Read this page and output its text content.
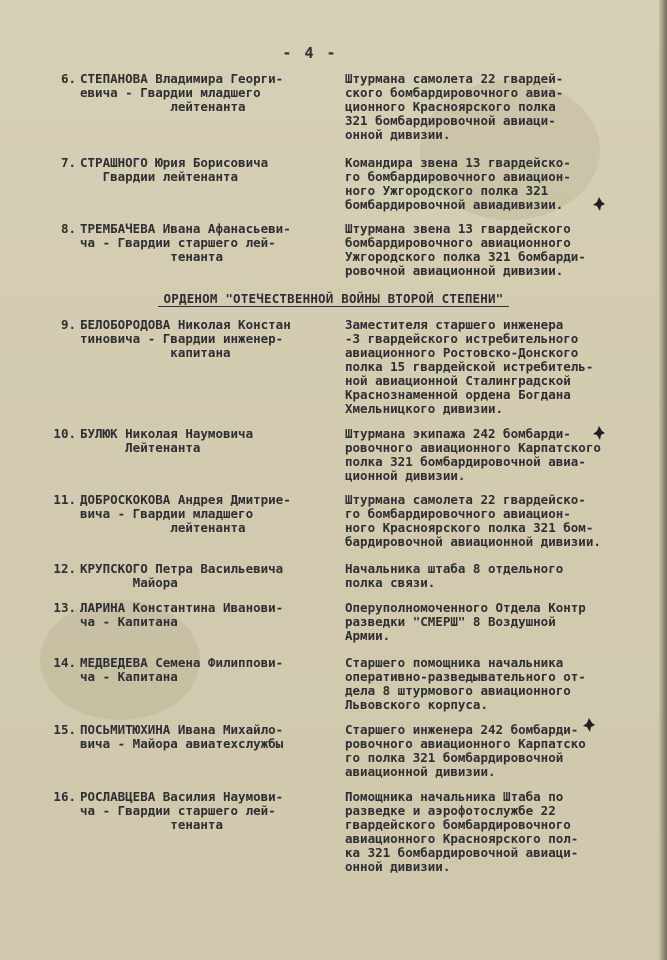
- 4 -
6. СТЕПАНОВА Владимира Георги-
евича - Гвардии младшего
лейтенанта
Штурмана самолета 22 гвардей-
ского бомбардировочного авиа-
ционного Красноярского полка
321 бомбардировочной авиаци-
онной дивизии.
7. СТРАШНОГО Юрия Борисовича
Гвардии лейтенанта
Командира звена 13 гвардейско-
го бомбардировочного авиацион-
ного Ужгородского полка 321
бомбардировочной авиадивизии.
8. ТРЕМБАЧЕВА Ивана Афанасьеви-
ча - Гвардии старшего лей-
тенанта
Штурмана звена 13 гвардейского
бомбардировочного авиационного
Ужгородского полка 321 бомбарди-
ровочной авиационной дивизии.
ОРДЕНОМ "ОТЕЧЕСТВЕННОЙ ВОЙНЫ ВТОРОЙ СТЕПЕНИ"
9. БЕЛОБОРОДОВА Николая Констан
тиновича - Гвардии инженер-
капитана
Заместителя старшего инженера
-3 гвардейского истребительного
авиационного Ростовско-Донского
полка 15 гвардейской истребитель-
ной авиационной Сталинградской
Краснознаменной ордена Богдана
Хмельницкого дивизии.
10. БУЛЮК Николая Наумовича
Лейтенанта
Штурмана экипажа 242 бомбарди-
ровочного авиационного Карпатского
полка 321 бомбардировочной авиа-
ционной дивизии.
11. ДОБРОСКОКОВА Андрея Дмитрие-
вича - Гвардии младшего
лейтенанта
Штурмана самолета 22 гвардейско-
го бомбардировочного авиацион-
ного Красноярского полка 321 бом-
бардировочной авиационной дивизии.
12. КРУПСКОГО Петра Васильевича
Майора
Начальника штаба 8 отдельного
полка связи.
13. ЛАРИНА Константина Иванови-
ча - Капитана
Оперуполномоченного Отдела Контр
разведки "СМЕРШ" 8 Воздушной
Армии.
14. МЕДВЕДЕВА Семена Филиппови-
ча - Капитана
Старшего помощника начальника
оперативно-разведывательного от-
дела 8 штурмового авиационного
Львовского корпуса.
15. ПОСЬМИТЮХИНА Ивана Михайло-
вича - Майора авиатехслужбы
Старшего инженера 242 бомбарди-
ровочного авиационного Карпатско
го полка 321 бомбардировочной
авиационной дивизии.
16. РОСЛАВЦЕВА Василия Наумови-
ча - Гвардии старшего лей-
тенанта
Помощника начальника Штаба по
разведке и аэрофотослужбе 22
гвардейского бомбардировочного
авиационного Красноярского пол-
ка 321 бомбардировочной авиаци-
онной дивизии.
